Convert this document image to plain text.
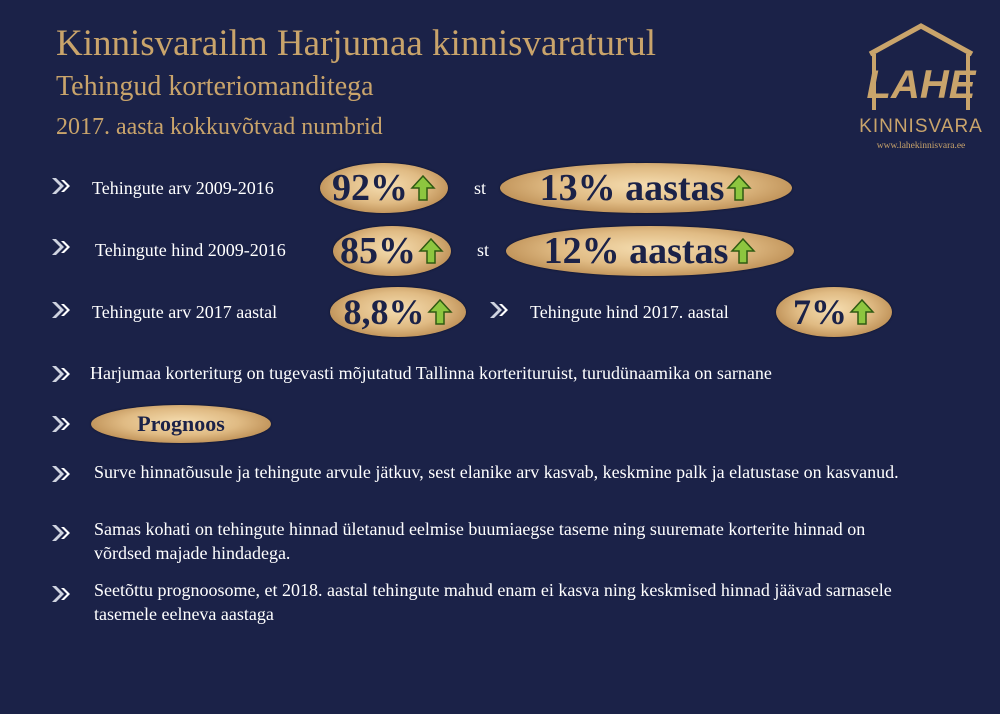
Kinnisvarailm Harjumaa kinnisvaraturul
Tehingud korteriomanditega
2017. aasta kokkuvõtvad numbrid
LAHE
KINNISVARA
www.lahekinnisvara.ee
Tehingute arv 2009-2016 92%	st 13% aastas
Tehingute hind 2009-2016 85%	st 12% aastas
Tehingute arv 2017 aastal 8,8%	Tehingute hind 2017. aastal 7%
Harjumaa korteriturg on tugevasti mõjutatud Tallinna korterituruist, turudünaamika on sarnane
Prognoos
Surve hinnatõusule ja tehingute arvule jätkuv, sest elanike arv kasvab, keskmine palk ja elatustase on kasvanud.
Samas kohati on tehingute hinnad ületanud eelmise buumiaegse taseme ning suuremate korterite hinnad on võrdsed majade hindadega.
Seetõttu prognoosome, et 2018. aastal tehingute mahud enam ei kasva ning keskmised hinnad jäävad sarnasele tasemele eelneva aastaga
